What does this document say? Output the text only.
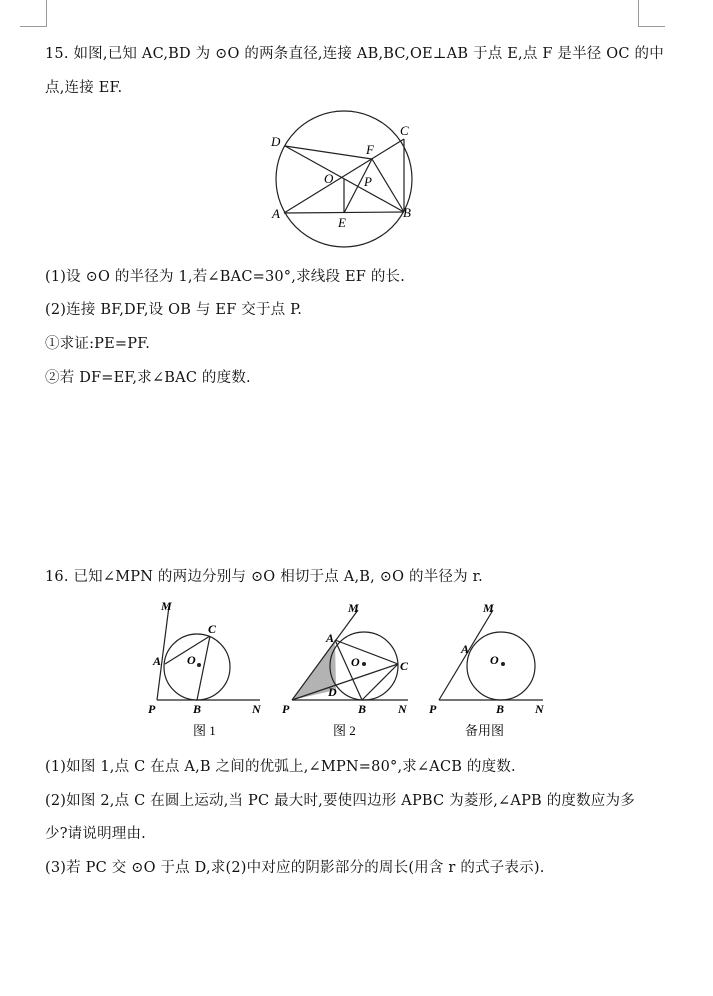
15. 如图,已知 AC,BD 为 ⊙O 的两条直径,连接 AB,BC,OE⊥AB 于点 E,点 F 是半径 OC 的中
点,连接 EF.
D
C
F
O P
A
E
B
(1)设 ⊙O 的半径为 1,若∠BAC=30°,求线段 EF 的长.
(2)连接 BF,DF,设 OB 与 EF 交于点 P.
①求证:PE=PF.
②若 DF=EF,求∠BAC 的度数.
16. 已知∠MPN 的两边分别与 ⊙O 相切于点 A,B, ⊙O 的半径为 r.
M
C
A O
P	B	N
图 1
M
A
O	C
D
P	B	N
图 2
M
A
O
P	B	N
备用图
(1)如图 1,点 C 在点 A,B 之间的优弧上,∠MPN=80°,求∠ACB 的度数.
(2)如图 2,点 C 在圆上运动,当 PC 最大时,要使四边形 APBC 为菱形,∠APB 的度数应为多
少?请说明理由.
(3)若 PC 交 ⊙O 于点 D,求(2)中对应的阴影部分的周长(用含 r 的式子表示).
